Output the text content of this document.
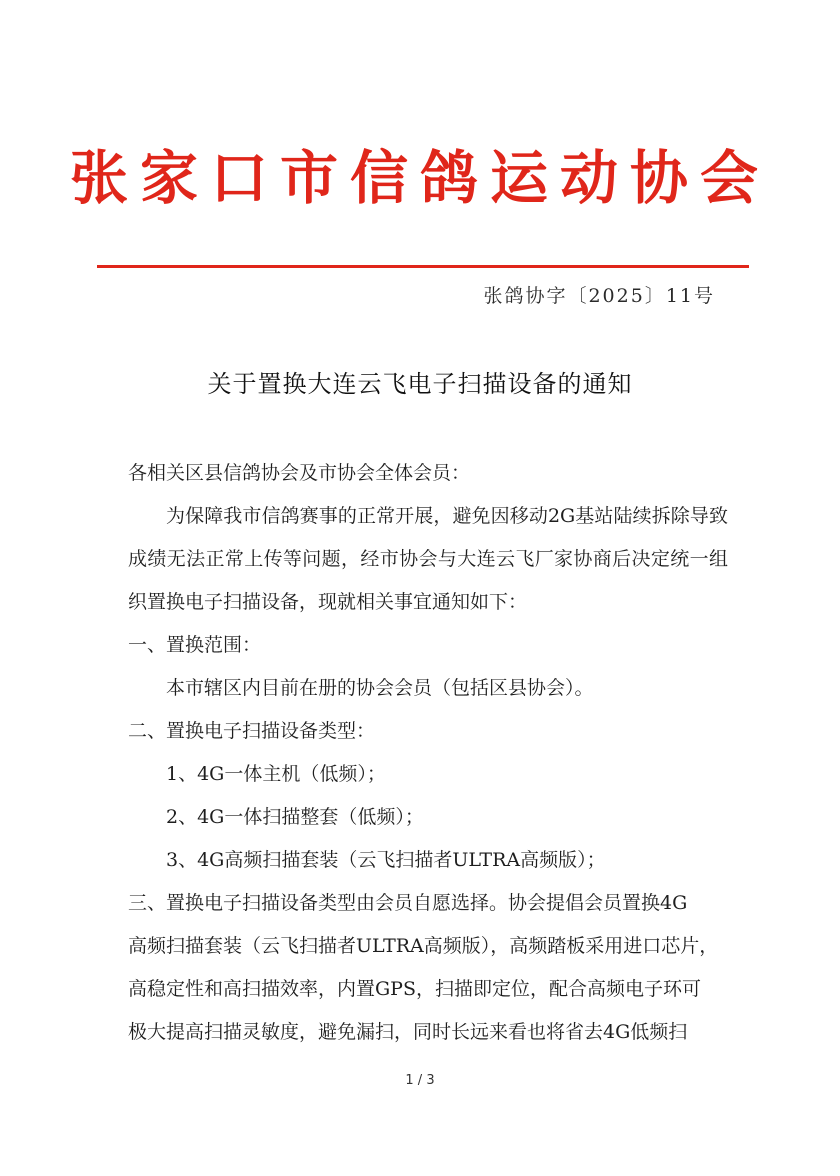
张家口市信鸽运动协会
张鸽协字〔2025〕11号
关于置换大连云飞电子扫描设备的通知

各相关区县信鸽协会及市协会全体会员：

为保障我市信鸽赛事的正常开展，避免因移动2G基站陆续拆除导致成绩无法正常上传等问题，经市协会与大连云飞厂家协商后决定统一组织置换电子扫描设备，现就相关事宜通知如下：

一、置换范围：

本市辖区内目前在册的协会会员（包括区县协会）。

二、置换电子扫描设备类型：

1、4G一体主机（低频）；

2、4G一体扫描整套（低频）；

3、4G高频扫描套装（云飞扫描者ULTRA高频版）；

三、置换电子扫描设备类型由会员自愿选择。协会提倡会员置换4G

高频扫描套装（云飞扫描者ULTRA高频版），高频踏板采用进口芯片，

高稳定性和高扫描效率，内置GPS，扫描即定位，配合高频电子环可

极大提高扫描灵敏度，避免漏扫，同时长远来看也将省去4G低频扫

1 / 3
